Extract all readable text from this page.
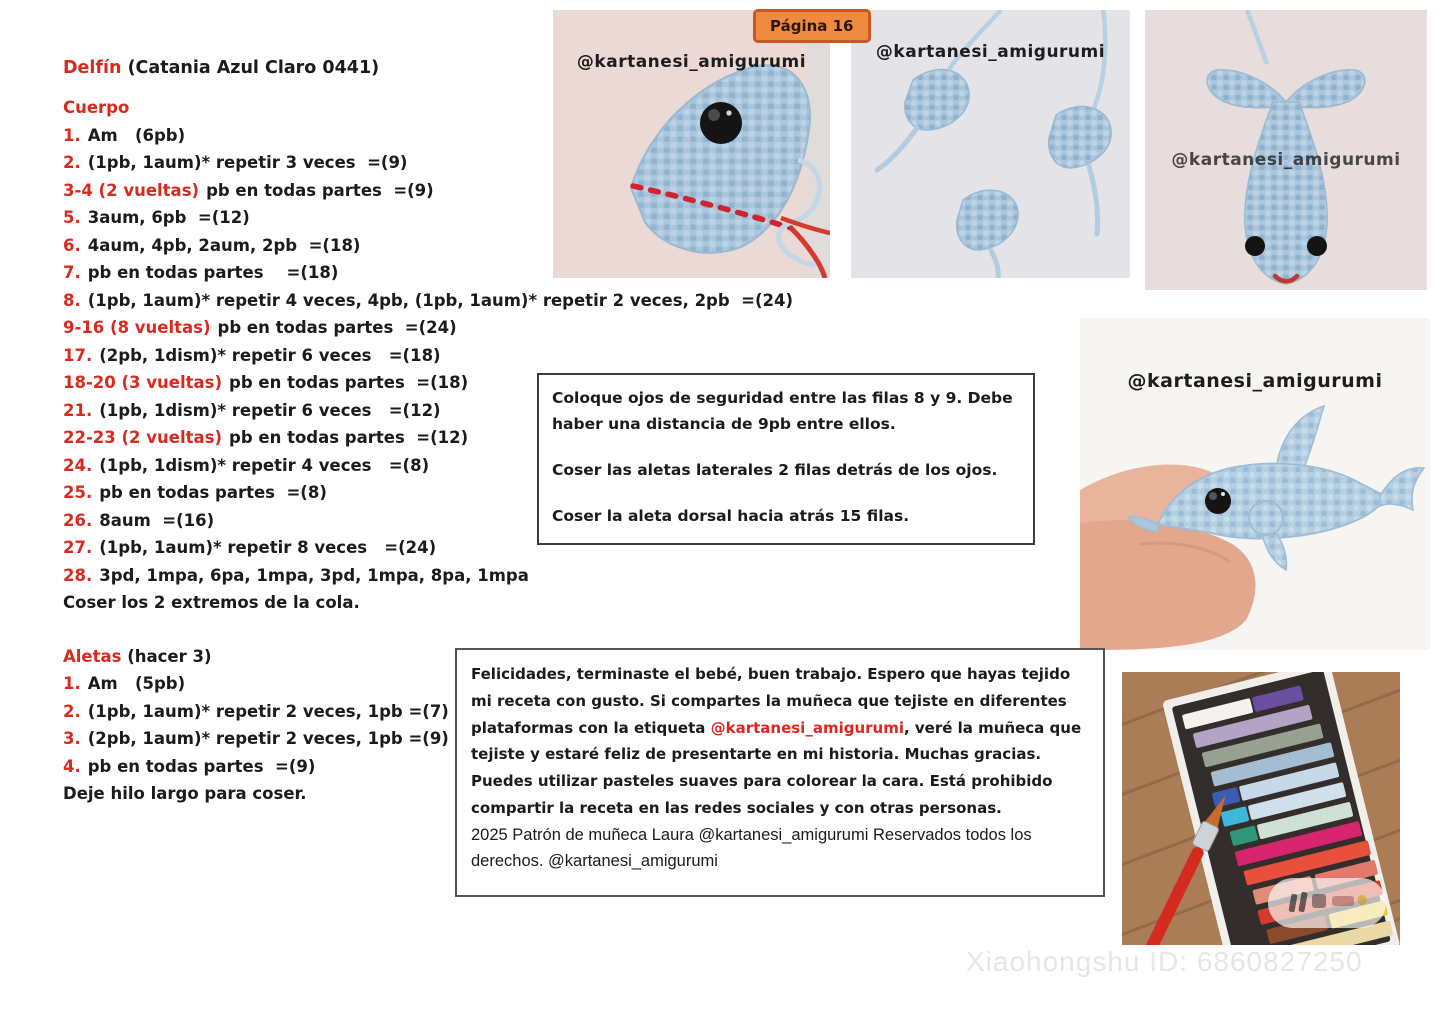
Delfín (Catania Azul Claro 0441)
Cuerpo
1. Am   (6pb)
2. (1pb, 1aum)* repetir 3 veces  =(9)
3-4 (2 vueltas) pb en todas partes  =(9)
5. 3aum, 6pb  =(12)
6. 4aum, 4pb, 2aum, 2pb  =(18)
7. pb en todas partes    =(18)
8. (1pb, 1aum)* repetir 4 veces, 4pb, (1pb, 1aum)* repetir 2 veces, 2pb  =(24)
9-16 (8 vueltas) pb en todas partes  =(24)
17. (2pb, 1dism)* repetir 6 veces   =(18)
18-20 (3 vueltas) pb en todas partes  =(18)
21. (1pb, 1dism)* repetir 6 veces   =(12)
22-23 (2 vueltas) pb en todas partes  =(12)
24. (1pb, 1dism)* repetir 4 veces   =(8)
25. pb en todas partes  =(8)
26. 8aum  =(16)
27. (1pb, 1aum)* repetir 8 veces   =(24)
28. 3pd, 1mpa, 6pa, 1mpa, 3pd, 1mpa, 8pa, 1mpa
Coser los 2 extremos de la cola.
Aletas (hacer 3)
1. Am   (5pb)
2. (1pb, 1aum)* repetir 2 veces, 1pb =(7)
3. (2pb, 1aum)* repetir 2 veces, 1pb =(9)
4. pb en todas partes  =(9)
Deje hilo largo para coser.
Página 16
@kartanesi_amigurumi	@kartanesi_amigurumi
@kartanesi_amigurumi
@kartanesi_amigurumi

Coloque ojos de seguridad entre las filas 8 y 9. Debe haber una distancia de 9pb entre ellos.

Coser las aletas laterales 2 filas detrás de los ojos.

Coser la aleta dorsal hacia atrás 15 filas.

Felicidades, terminaste el bebé, buen trabajo. Espero que hayas tejido mi receta con gusto. Si compartes la muñeca que tejiste en diferentes plataformas con la etiqueta @kartanesi_amigurumi, veré la muñeca que tejiste y estaré feliz de presentarte en mi historia. Muchas gracias. Puedes utilizar pasteles suaves para colorear la cara. Está prohibido compartir la receta en las redes sociales y con otras personas.
2025 Patrón de muñeca Laura @kartanesi_amigurumi Reservados todos los derechos. @kartanesi_amigurumi
Xiaohongshu ID: 6860827250
